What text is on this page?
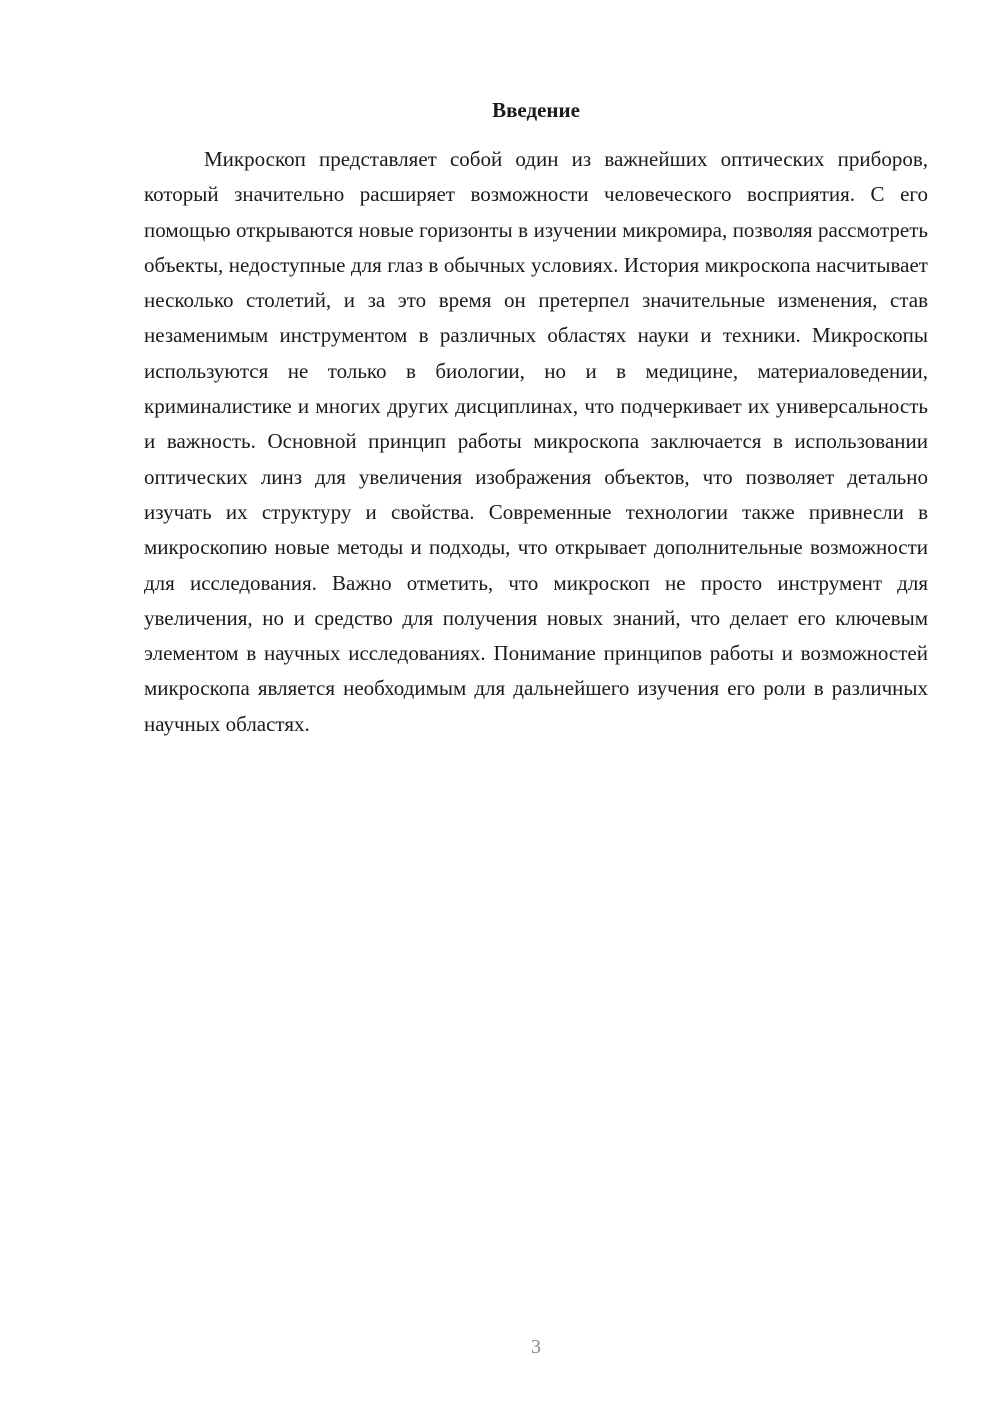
Введение

Микроскоп представляет собой один из важнейших оптических приборов, который значительно расширяет возможности человеческого восприятия. С его помощью открываются новые горизонты в изучении микромира, позволяя рассмотреть объекты, недоступные для глаз в обычных условиях. История микроскопа насчитывает несколько столетий, и за это время он претерпел значительные изменения, став незаменимым инструментом в различных областях науки и техники. Микроскопы используются не только в биологии, но и в медицине, материаловедении, криминалистике и многих других дисциплинах, что подчеркивает их универсальность и важность. Основной принцип работы микроскопа заключается в использовании оптических линз для увеличения изображения объектов, что позволяет детально изучать их структуру и свойства. Современные технологии также привнесли в микроскопию новые методы и подходы, что открывает дополнительные возможности для исследования. Важно отметить, что микроскоп не просто инструмент для увеличения, но и средство для получения новых знаний, что делает его ключевым элементом в научных исследованиях. Понимание принципов работы и возможностей микроскопа является необходимым для дальнейшего изучения его роли в различных научных областях.

3
